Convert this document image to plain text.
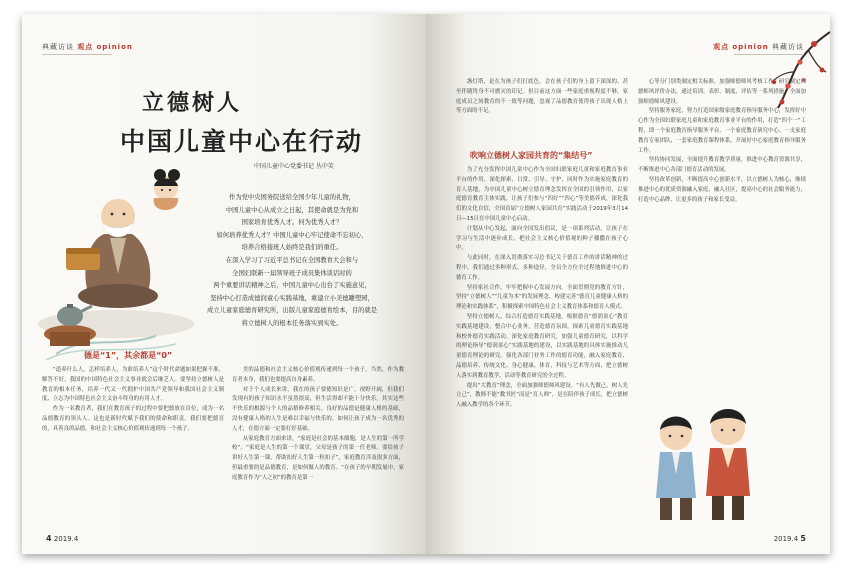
典藏访谈 观点 opinion
立德树人
中国儿童中心在行动
中国儿童中心党委书记 丛中笑

作为党中央国务院送给全国少年儿童的礼物，

中国儿童中心从成立之日起，其使命就是为党和

国家培育优秀人才。何为优秀人才？

如何培养优秀人才？中国儿童中心牢记使命不忘初心，

培养合格接班人始终是我们的重任。

在深入学习了习近平总书记在全国教育大会和与

全国妇联新一届领导班子成员集体谈话时的

两个重要讲话精神之后，中国儿童中心出台了实施意见，

坚持中心打造成德润童心实践基地，重建立小美德雕塑园，

成立儿童家庭德育研究所，出版儿童家庭德育绘本，目的就是

将立德树人的根本任务落实到实处。

德是“1”，其余都是“0”

“道养什么人，怎样培养人，为谁培养人”这个时代命题如果把握不准，解答不好，我国的中国特色社会主义事业就会后继乏人。要坚持立德树人是教育的根本任务，培养一代又一代拥护中国共产党领导和我国社会主义制度、立志为中国特色社会主义奋斗终身的有用人才。

作为一名教育者，我们在教育孩子的过程中要把德放在首位，成为一名品德教育的领头人。这也是新时代赋予我们的使命和职责。我们要把德育的，具善良的品德，和社会主义核心价值观传递到每一个孩子。

美的品德和社会主义核心价值观传递到每一个孩子。当然，作为教育者本身，我们也要提高自身素养。

对于个人成长来讲，我在的孩子要德知识是广，视野开阔，但我们发现有的孩子知识水平虽然很高，但生活得却不能十分快乐。其实这些不快乐的根源与个人的品格修养相关。良好的品德是健康人格的基础，没有健康人格的人生是难以幸福与快乐的。如何让孩子成为一名优秀的人才，在德方面一定要打好基础。

从家庭教育方面来讲，“家庭是社会的基本细胞，是人生的第一所学校”。“家庭是人生的第一个课堂，父母是孩子的第一任老师。要给孩子讲好人生第一课，帮助扣好人生第一粒扣子”，家庭教育涉及很多方面，但最重要的是品德教育，是如何做人的教育。“在孩子的早期发展中，家庭教育作为“人之初”的教育是第一

4 2019.4
观点 opinion 典藏访谈

盏灯塔，是在为孩子们打底色，会在孩子们的身上留下深深的、甚至伴随终身不可磨灭的印记。但目前这方面一些家庭重视程度不够，家庭成员之间教育的不一致等问题，忽视了品德教育使得孩子出现人格上等方面的不足。

吹响立德树人家园共育的“集结号”

为了充分发挥中国儿童中心作为全国妇联家庭儿童和家庭教育事业平台的作用，深化探索、日常、引导、守护，同时作为实施家庭教育的育人基地，为中国儿童中心树立德育理念发挥在全国的引领作用，以家庭德育教育主体实践，让孩子们参与“四好”“四心”等美德养成，深化我们的文化自信，全国首届“立德树人家园共育”实践活动于2019年3月14日—15日在中国儿童中心启动。

计划从中心发起，面向全国发出倡议，是一项系列活动，让孩子在学习与生活中逐步成长，把社会主义核心价值观的种子播撒在孩子心中。

与此同时，在深入贯彻落实习总书记关于德育工作的讲话精神的过程中，我们通过多种形式、多种途径，全员全方位全过程地推进中心的德育工作。

坚持家社合作，牢牢把握中心发展方向。全面贯彻党的教育方针，坚持“立德树人”“儿童为本”的发展理念，构建完善“德育儿童健康人格的理论和实践体系”，积极探索中国特色社会主义教育体系和德育人模式。

坚持立德树人，综合打造德育实践基地，根据德育“德润童心”教育实践基地建设，整合中心业务，营造德育氛围，探索儿童德育实践基地和校外德育实践活动，深化家庭教育研究，加强儿童德育研究，以科学的理论指导“德润童心”实践基地的建设，以实践基地的具体实施推动儿童德育理论的研究。强化各部门业务工作的德育功能，融入家庭教育、品德培养、传统文化、身心健康、体育、科技与艺术等方面，把立德树人落实到教育教学、活动等教育研究的全过程。

提出“大教育”理念，全面加强师德师风建设。“有人先做己，树人先立己”，教师不能“教书匠”而是“育人师”，是在陪伴孩子成长，把立德树人融入教学的各个环节。

心等分门别类制定相关标准，加强师德师风考核工作，研究制定师德师风评价办法，通过培训、表彰、制度、评估等一系列措施，全面加强师德师风建设。

坚持服务家庭，努力打造国家级家庭教育指导服务中心，发挥好中心作为全国妇联家庭儿童和家庭教育事业平台的作用，打造“四个一”工程，即一个家庭教育指导服务平台、一个家庭教育研究中心、一支家庭教育专家团队、一套家庭教育课程体系，开展好中心家庭教育指导服务工作。

坚持协同发展，全面提升教育教学质量。推进中心教育资源共享，不断推进中心各部门德育活动的发展。

坚持改革创新，不断提高中心创新水平，以立德树人为核心，继续推进中心的优质资源融入家庭、融入社区，提高中心的社会服务能力，打造中心品牌，让更多的孩子和家长受益。

2019.4 5
